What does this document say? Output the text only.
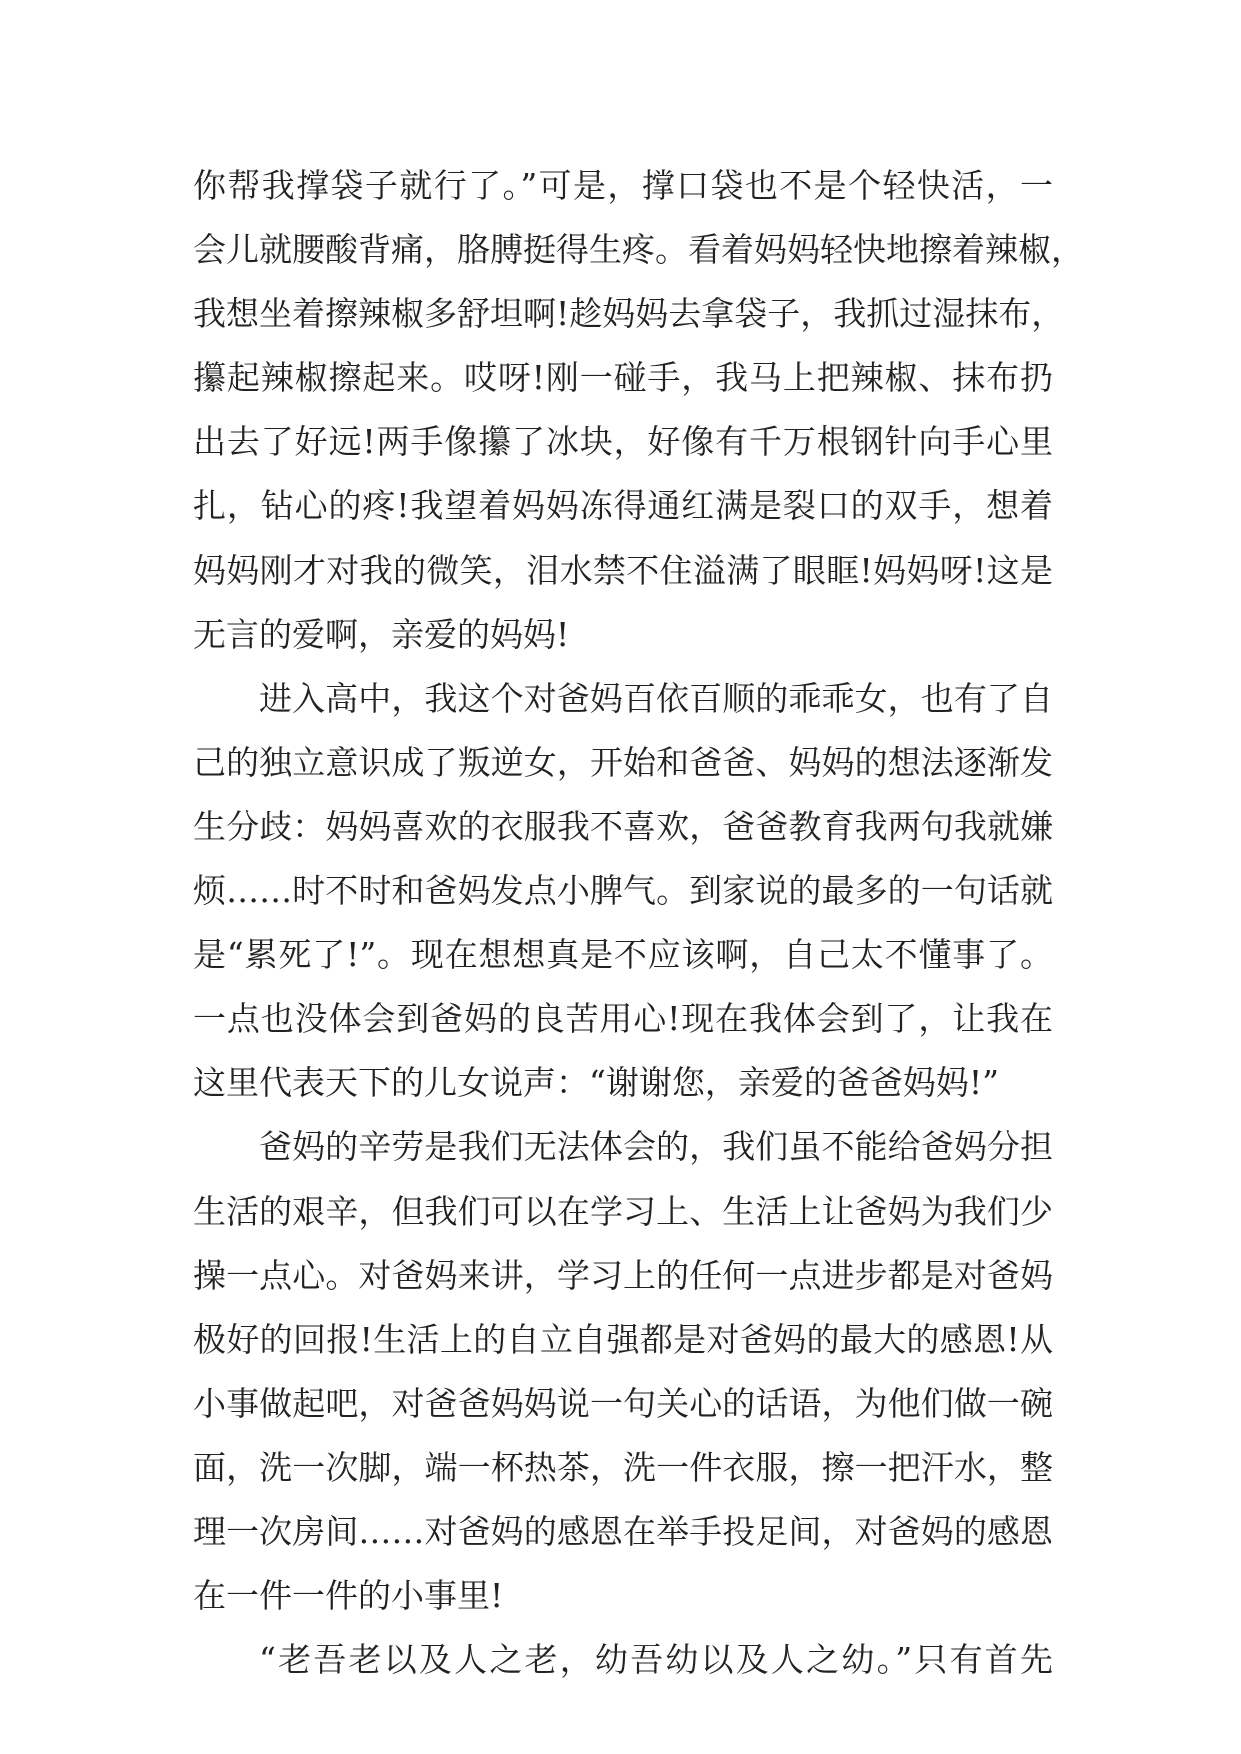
你帮我撑袋子就行了。”可是，撑口袋也不是个轻快活，一
会儿就腰酸背痛，胳膊挺得生疼。看着妈妈轻快地擦着辣椒，
我想坐着擦辣椒多舒坦啊!趁妈妈去拿袋子，我抓过湿抹布，
攥起辣椒擦起来。哎呀!刚一碰手，我马上把辣椒、抹布扔
出去了好远!两手像攥了冰块，好像有千万根钢针向手心里
扎，钻心的疼!我望着妈妈冻得通红满是裂口的双手，想着
妈妈刚才对我的微笑，泪水禁不住溢满了眼眶!妈妈呀!这是
无言的爱啊，亲爱的妈妈!
进入高中，我这个对爸妈百依百顺的乖乖女，也有了自
己的独立意识成了叛逆女，开始和爸爸、妈妈的想法逐渐发
生分歧：妈妈喜欢的衣服我不喜欢，爸爸教育我两句我就嫌
烦……时不时和爸妈发点小脾气。到家说的最多的一句话就
是“累死了!”。现在想想真是不应该啊，自己太不懂事了。
一点也没体会到爸妈的良苦用心!现在我体会到了，让我在
这里代表天下的儿女说声：“谢谢您，亲爱的爸爸妈妈!”
爸妈的辛劳是我们无法体会的，我们虽不能给爸妈分担
生活的艰辛，但我们可以在学习上、生活上让爸妈为我们少
操一点心。对爸妈来讲，学习上的任何一点进步都是对爸妈
极好的回报!生活上的自立自强都是对爸妈的最大的感恩!从
小事做起吧，对爸爸妈妈说一句关心的话语，为他们做一碗
面，洗一次脚，端一杯热茶，洗一件衣服，擦一把汗水，整
理一次房间……对爸妈的感恩在举手投足间，对爸妈的感恩
在一件一件的小事里!
“老吾老以及人之老，幼吾幼以及人之幼。”只有首先
